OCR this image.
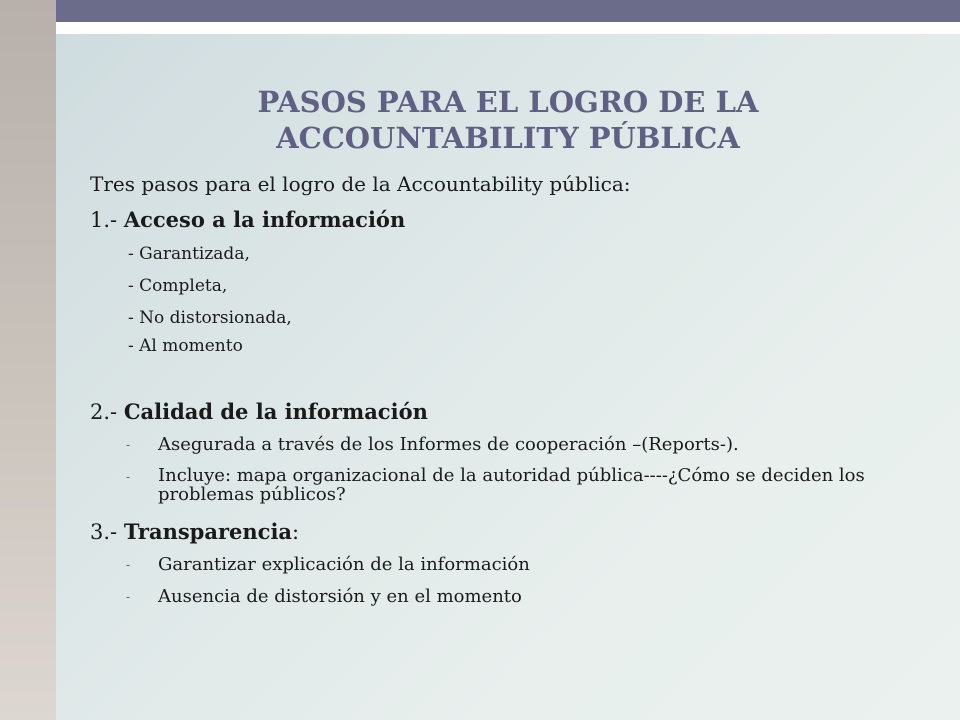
PASOS PARA EL LOGRO DE LA
ACCOUNTABILITY PÚBLICA
Tres pasos para el logro de la Accountability pública:
1.- Acceso a la información
- Garantizada,
- Completa,
- No distorsionada,
- Al momento
2.- Calidad de la información
- Asegurada a través de los Informes de cooperación –(Reports-).
- Incluye: mapa organizacional de la autoridad pública----¿Cómo se deciden los problemas públicos?
3.- Transparencia:
- Garantizar explicación de la información
- Ausencia de distorsión y en el momento
